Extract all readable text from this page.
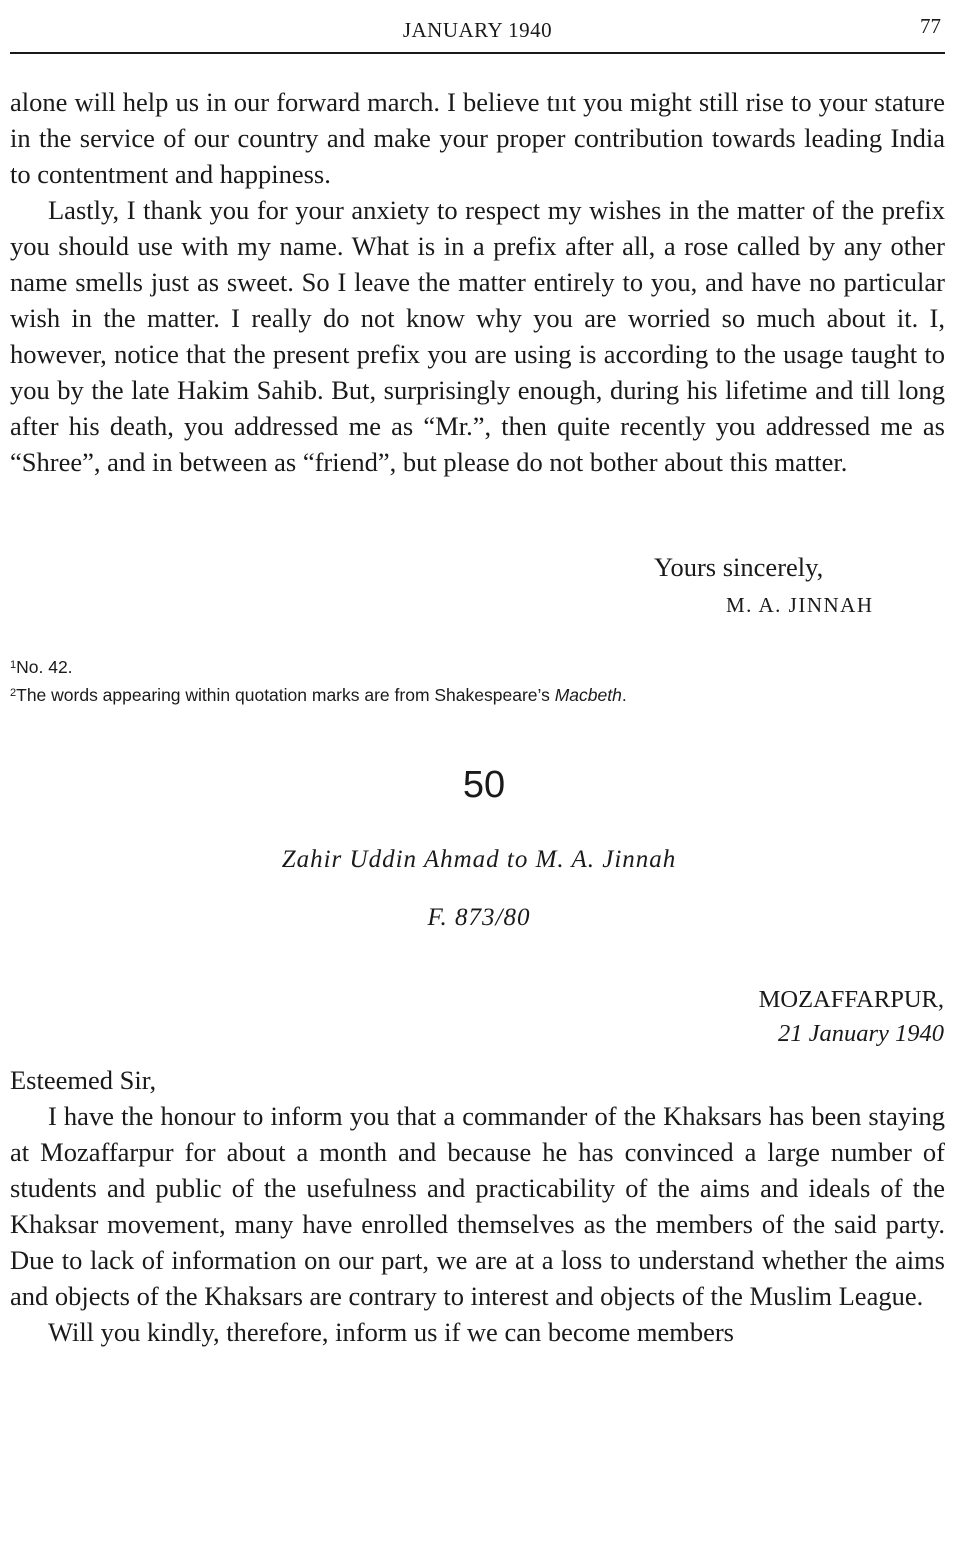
JANUARY 1940	77

alone will help us in our forward march. I believe tııt you might still rise to your stature in the service of our country and make your proper contribution towards leading India to contentment and happiness.

Lastly, I thank you for your anxiety to respect my wishes in the matter of the prefix you should use with my name. What is in a prefix after all, a rose called by any other name smells just as sweet. So I leave the matter entirely to you, and have no particular wish in the matter. I really do not know why you are worried so much about it. I, however, notice that the present prefix you are using is according to the usage taught to you by the late Hakim Sahib. But, surprisingly enough, during his lifetime and till long after his death, you addressed me as “Mr.”, then quite recently you addressed me as “Shree”, and in between as “friend”, but please do not bother about this matter.

Yours sincerely,
M. A. JINNAH
$^1$No. 42.
$^2$The words appearing within quotation marks are from Shakespeare’s Macbeth.
50
Zahir Uddin Ahmad to M. A. Jinnah
F. 873/80
MOZAFFARPUR,
21 January 1940

Esteemed Sir,

I have the honour to inform you that a commander of the Khaksars has been staying at Mozaffarpur for about a month and because he has convinced a large number of students and public of the usefulness and practicability of the aims and ideals of the Khaksar movement, many have enrolled themselves as the members of the said party. Due to lack of information on our part, we are at a loss to understand whether the aims and objects of the Khaksars are contrary to interest and objects of the Muslim League.

Will you kindly, therefore, inform us if we can become members
